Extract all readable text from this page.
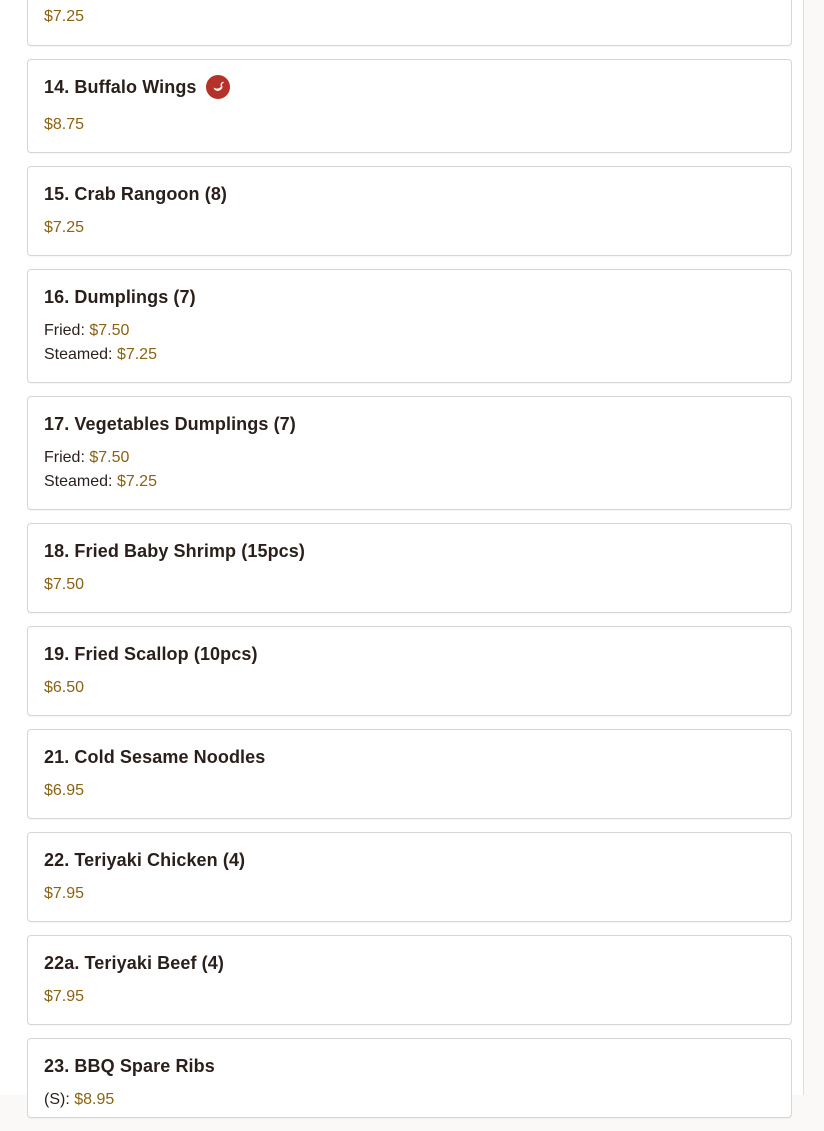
$7.25
14. Buffalo Wings
$8.75
15. Crab Rangoon (8)
$7.25
16. Dumplings (7)
Fried: $7.50
Steamed: $7.25
17. Vegetables Dumplings (7)
Fried: $7.50
Steamed: $7.25
18. Fried Baby Shrimp (15pcs)
$7.50
19. Fried Scallop (10pcs)
$6.50
21. Cold Sesame Noodles
$6.95
22. Teriyaki Chicken (4)
$7.95
22a. Teriyaki Beef (4)
$7.95
23. BBQ Spare Ribs
(S): $8.95
